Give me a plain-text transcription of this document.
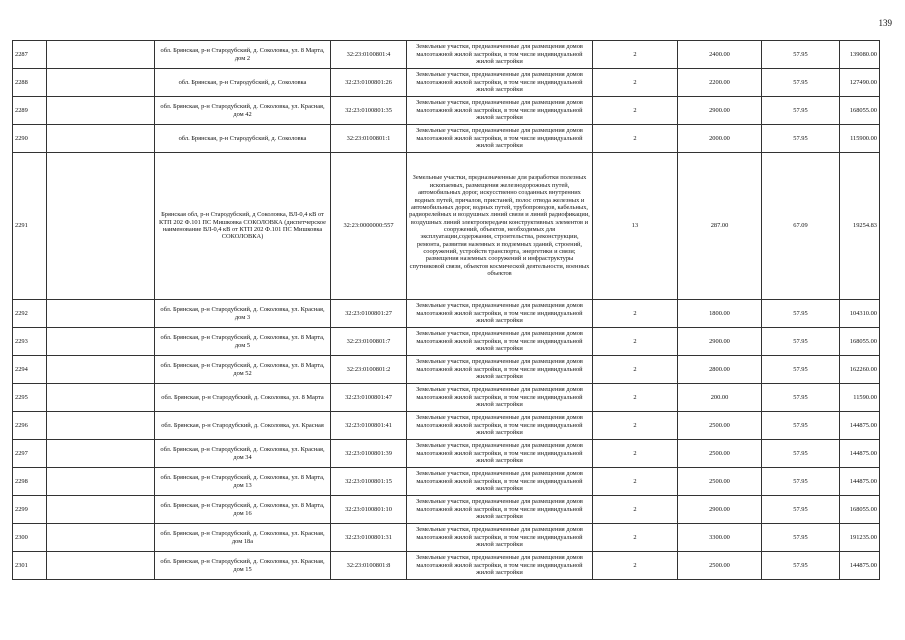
139
2287		обл. Брянская, р-н Стародубский, д. Соколовка, ул. 8 Марта, дом 2	32:23:0100801:4	Земельные участки, предназначенные для размещения домов малоэтажной жилой застройки, в том числе индивидуальной жилой застройки	2	2400.00	57.95	139080.00
2288		обл. Брянская, р-н Стародубский, д. Соколовка	32:23:0100801:26	Земельные участки, предназначенные для размещения домов малоэтажной жилой застройки, в том числе индивидуальной жилой застройки	2	2200.00	57.95	127490.00
2289		обл. Брянская, р-н Стародубский, д. Соколовка, ул. Красная, дом 42	32:23:0100801:35	Земельные участки, предназначенные для размещения домов малоэтажной жилой застройки, в том числе индивидуальной жилой застройки	2	2900.00	57.95	168055.00
2290		обл. Брянская, р-н Стародубский, д. Соколовка	32:23:0100801:1	Земельные участки, предназначенные для размещения домов малоэтажной жилой застройки, в том числе индивидуальной жилой застройки	2	2000.00	57.95	115900.00
2291		Брянская обл, р-н Стародубский, д Соколовка, ВЛ-0,4 кВ от КТП 202 Ф.101 ПС Мишковка СОКОЛОВКА (диспетчерское наименование ВЛ-0,4 кВ от КТП 202 Ф.101 ПС Мишковка СОКОЛОВКА)	32:23:0000000:557	Земельные участки, предназначенные для разработки полезных ископаемых, размещения железнодорожных путей, автомобильных дорог, искусственно созданных внутренних водных путей, причалов, пристаней, полос отвода железных и автомобильных дорог, водных путей, трубопроводов, кабельных, радиорелейных и воздушных линий связи и линий радиофикации, воздушных линий электропередачи конструктивных элементов и сооружений, объектов, необходимых для эксплуатации,содержания, строительства, реконструкции, ремонта, развития наземных и подземных зданий, строений, сооружений, устройств транспорта, энергетики и связи; размещения наземных сооружений и инфраструктуры спутниковой связи, объектов космической деятельности, военных объектов	13	287.00	67.09	19254.83
2292		обл. Брянская, р-н Стародубский, д. Соколовка, ул. Красная, дом 3	32:23:0100801:27	Земельные участки, предназначенные для размещения домов малоэтажной жилой застройки, в том числе индивидуальной жилой застройки	2	1800.00	57.95	104310.00
2293		обл. Брянская, р-н Стародубский, д. Соколовка, ул. 8 Марта, дом 5	32:23:0100801:7	Земельные участки, предназначенные для размещения домов малоэтажной жилой застройки, в том числе индивидуальной жилой застройки	2	2900.00	57.95	168055.00
2294		обл. Брянская, р-н Стародубский, д. Соколовка, ул. 8 Марта, дом 52	32:23:0100801:2	Земельные участки, предназначенные для размещения домов малоэтажной жилой застройки, в том числе индивидуальной жилой застройки	2	2800.00	57.95	162260.00
2295		обл. Брянская, р-н Стародубский, д. Соколовка, ул. 8 Марта	32:23:0100801:47	Земельные участки, предназначенные для размещения домов малоэтажной жилой застройки, в том числе индивидуальной жилой застройки	2	200.00	57.95	11590.00
2296		обл. Брянская, р-н Стародубский, д. Соколовка, ул. Красная	32:23:0100801:41	Земельные участки, предназначенные для размещения домов малоэтажной жилой застройки, в том числе индивидуальной жилой застройки	2	2500.00	57.95	144875.00
2297		обл. Брянская, р-н Стародубский, д. Соколовка, ул. Красная, дом 34	32:23:0100801:39	Земельные участки, предназначенные для размещения домов малоэтажной жилой застройки, в том числе индивидуальной жилой застройки	2	2500.00	57.95	144875.00
2298		обл. Брянская, р-н Стародубский, д. Соколовка, ул. 8 Марта, дом 13	32:23:0100801:15	Земельные участки, предназначенные для размещения домов малоэтажной жилой застройки, в том числе индивидуальной жилой застройки	2	2500.00	57.95	144875.00
2299		обл. Брянская, р-н Стародубский, д. Соколовка, ул. 8 Марта, дом 16	32:23:0100801:10	Земельные участки, предназначенные для размещения домов малоэтажной жилой застройки, в том числе индивидуальной жилой застройки	2	2900.00	57.95	168055.00
2300		обл. Брянская, р-н Стародубский, д. Соколовка, ул. Красная, дом 18а	32:23:0100801:31	Земельные участки, предназначенные для размещения домов малоэтажной жилой застройки, в том числе индивидуальной жилой застройки	2	3300.00	57.95	191235.00
2301		обл. Брянская, р-н Стародубский, д. Соколовка, ул. Красная, дом 15	32:23:0100801:8	Земельные участки, предназначенные для размещения домов малоэтажной жилой застройки, в том числе индивидуальной жилой застройки	2	2500.00	57.95	144875.00
